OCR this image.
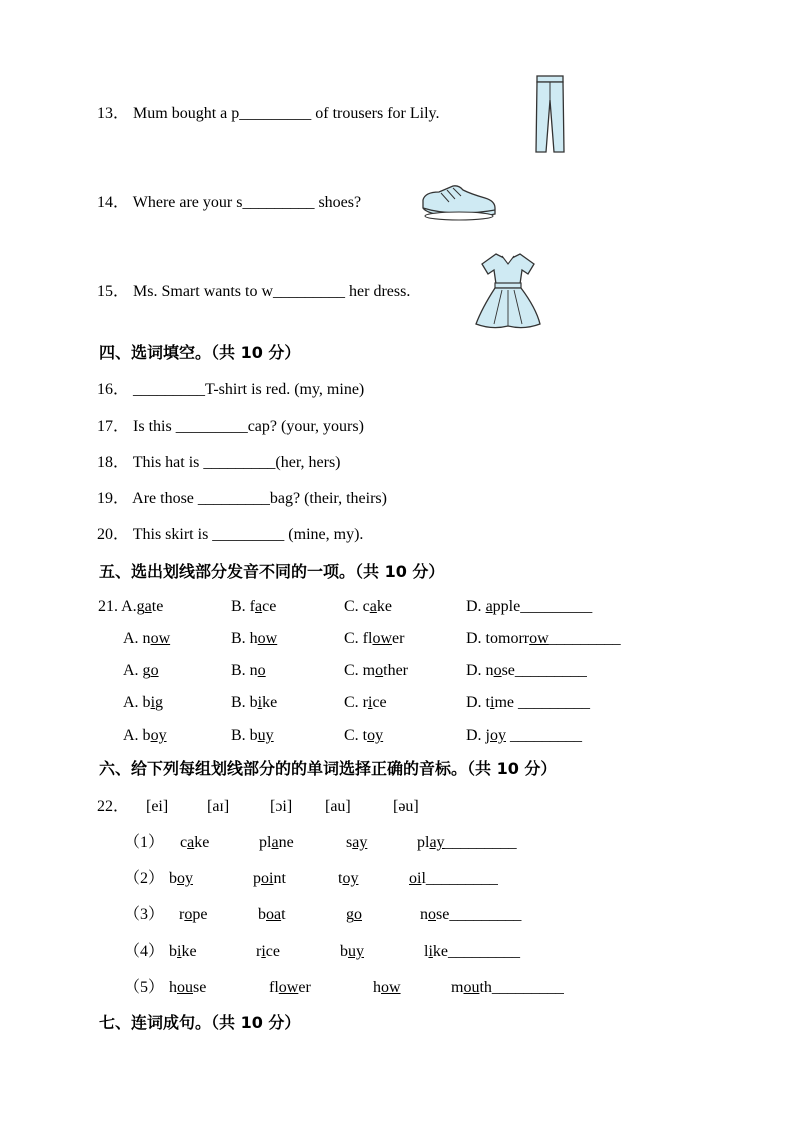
13． Mum bought a p_________ of trousers for Lily.
14． Where are your s_________ shoes?
15． Ms. Smart wants to w_________ her dress.
四、选词填空。（共 10 分）
16． _________T-shirt is red. (my, mine)
17． Is this _________cap? (your, yours)
18． This hat is _________(her, hers)
19． Are those _________bag? (their, theirs)
20． This skirt is _________ (mine, my).
五、选出划线部分发音不同的一项。（共 10 分）
21. A.gate	B. face	C. cake	D. apple_________
A. now	B. how	C. flower	D. tomorrow_________
A. go	B. no	C. mother	D. nose_________
A. big	B. bike	C. rice	D. time _________
A. boy	B. buy	C. toy	D. joy _________
六、给下列每组划线部分的的单词选择正确的音标。（共 10 分）
22． [ei] [aɪ]	[ɔi] [au]	[əu]
（1） cake	plane	say	play_________
（2） boy	point	toy	oil_________
（3） rope	boat	go	nose_________
（4） bike	rice	buy	like_________
（5） house	flower	how	mouth_________
七、连词成句。（共 10 分）
